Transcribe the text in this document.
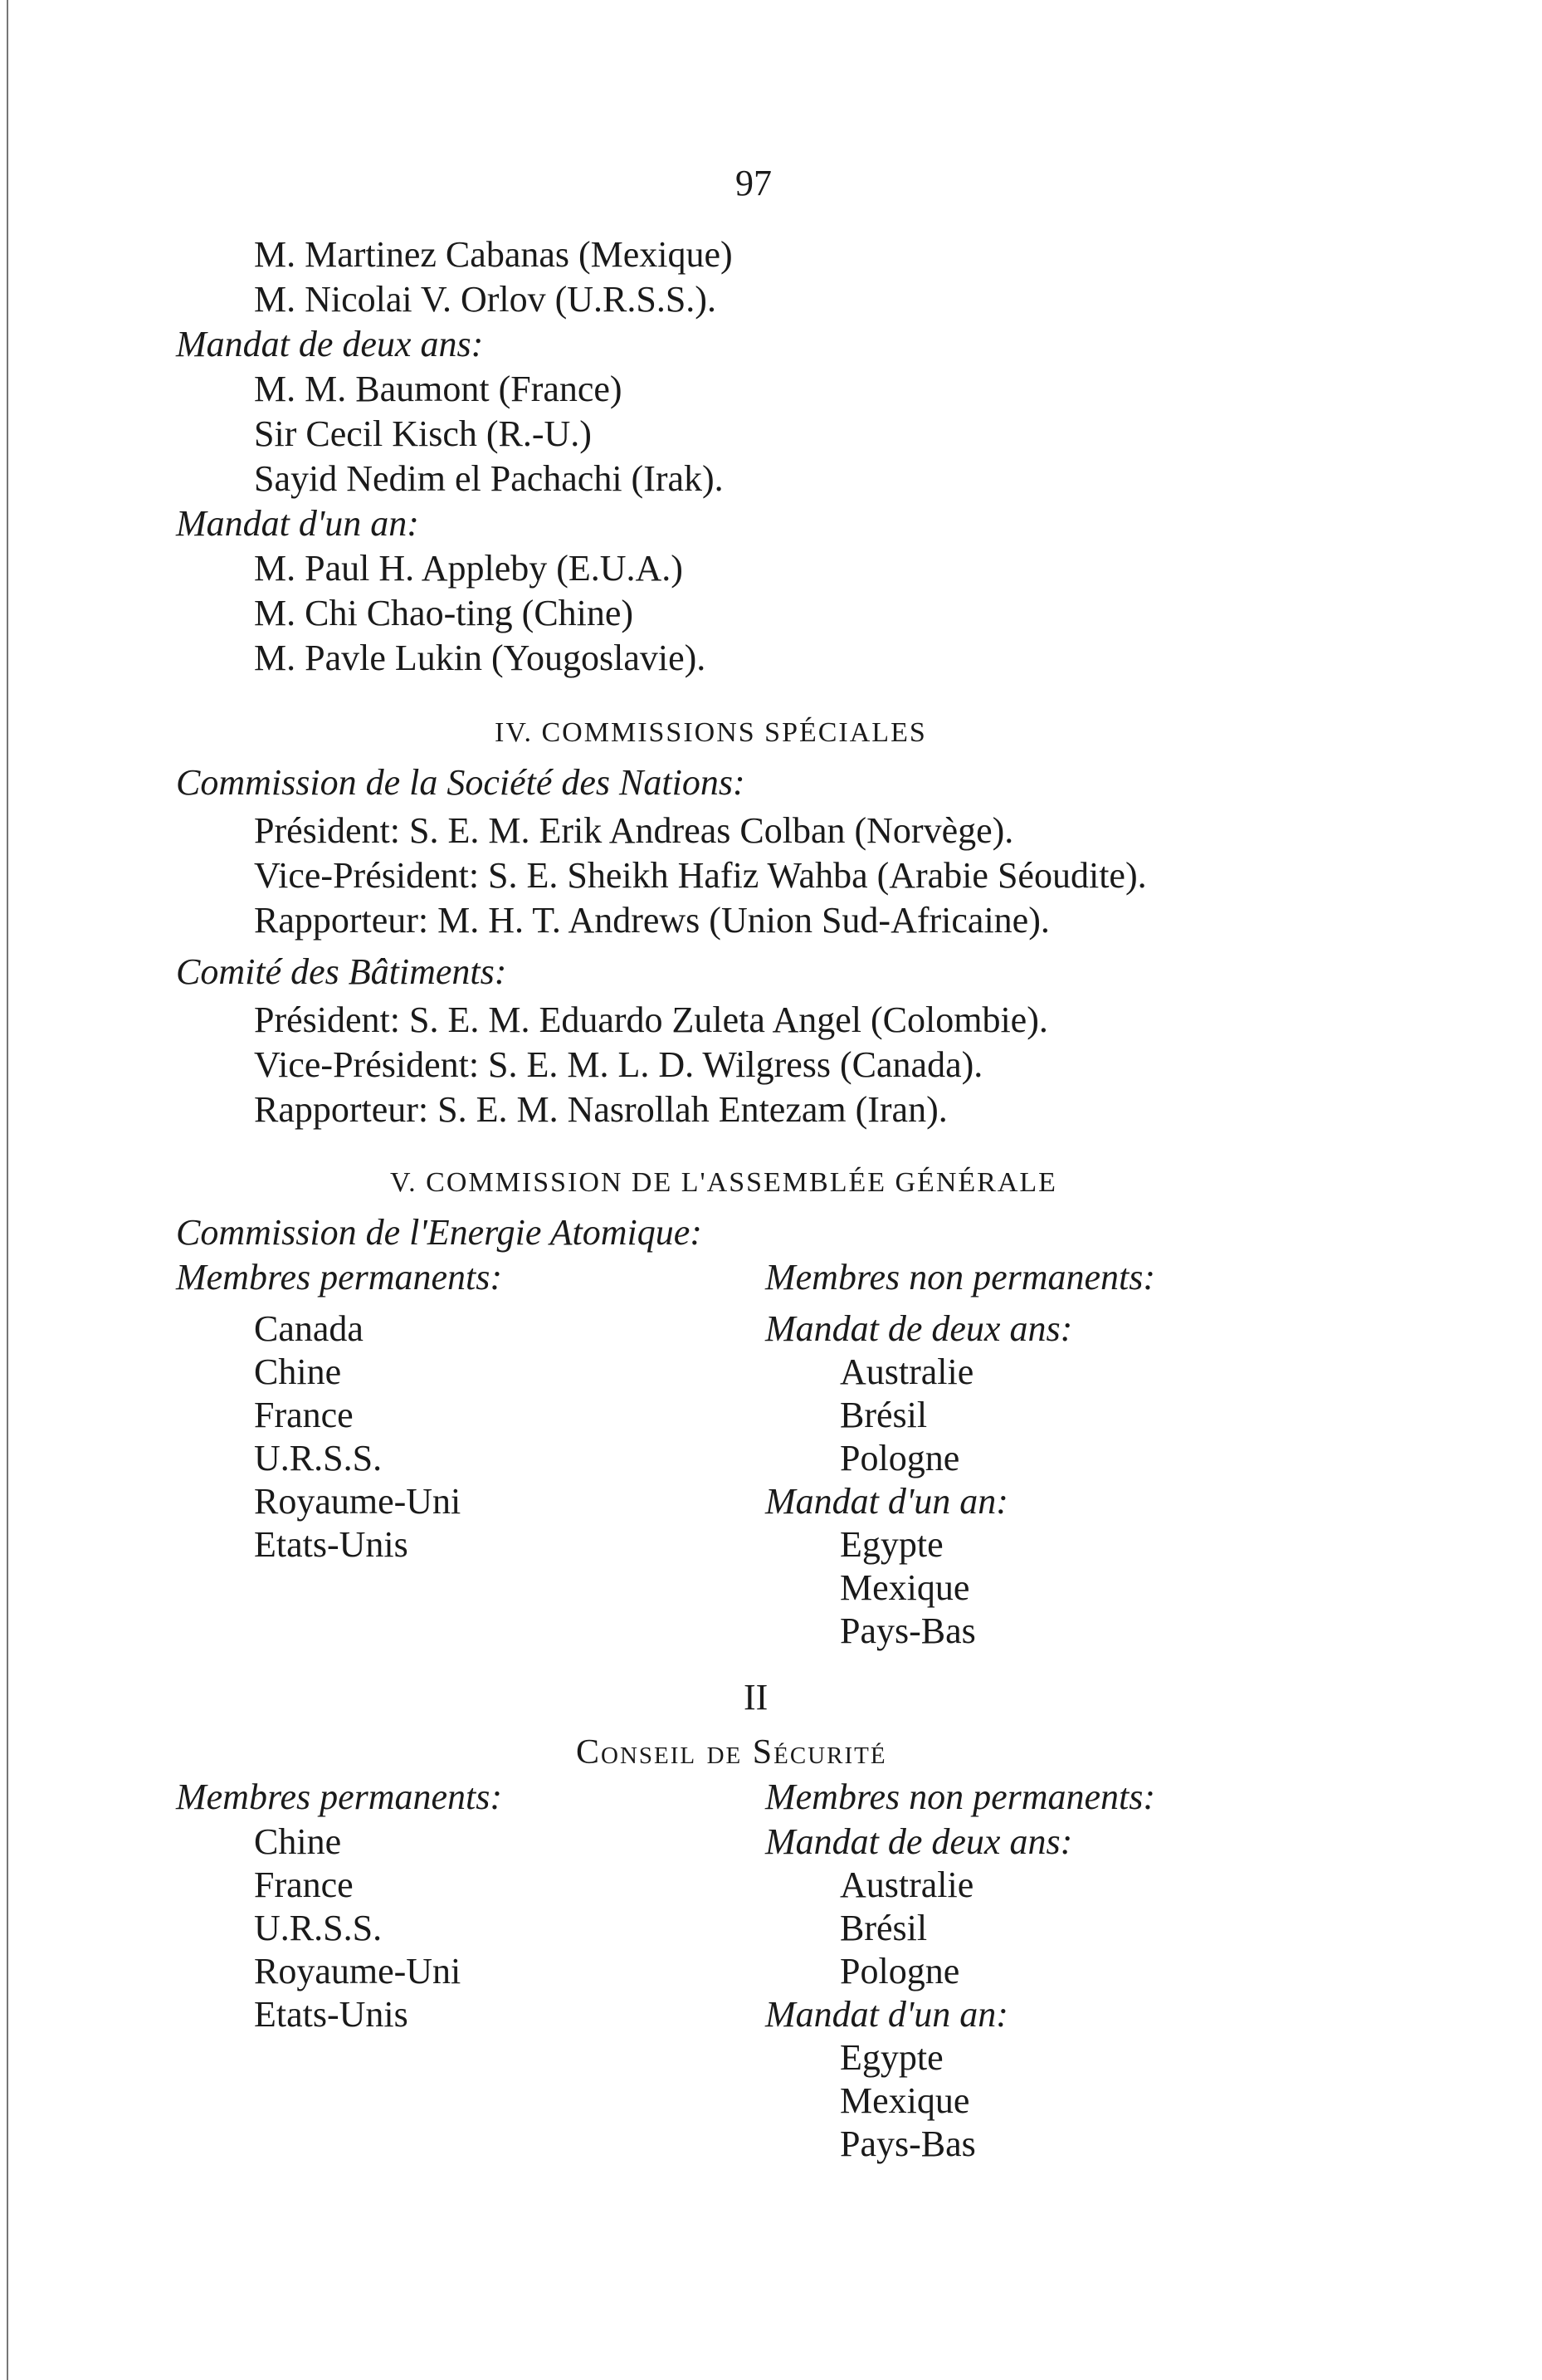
97
M. Martinez Cabanas (Mexique)
M. Nicolai V. Orlov (U.R.S.S.).
Mandat de deux ans:
M. M. Baumont (France)
Sir Cecil Kisch (R.-U.)
Sayid Nedim el Pachachi (Irak).
Mandat d'un an:
M. Paul H. Appleby (E.U.A.)
M. Chi Chao-ting (Chine)
M. Pavle Lukin (Yougoslavie).
IV. COMMISSIONS SPÉCIALES
Commission de la Société des Nations:
Président: S. E. M. Erik Andreas Colban (Norvège).
Vice-Président: S. E. Sheikh Hafiz Wahba (Arabie Séoudite).
Rapporteur: M. H. T. Andrews (Union Sud-Africaine).
Comité des Bâtiments:
Président: S. E. M. Eduardo Zuleta Angel (Colombie).
Vice-Président: S. E. M. L. D. Wilgress (Canada).
Rapporteur: S. E. M. Nasrollah Entezam (Iran).
V. COMMISSION DE L'ASSEMBLÉE GÉNÉRALE
Commission de l'Energie Atomique:
Membres permanents:	Membres non permanents:
Canada
Chine
France
U.R.S.S.
Royaume-Uni
Etats-Unis
Mandat de deux ans:
Australie
Brésil
Pologne
Mandat d'un an:
Egypte
Mexique
Pays-Bas
II
Conseil de Sécurité
Membres permanents:	Membres non permanents:
Chine
France
U.R.S.S.
Royaume-Uni
Etats-Unis
Mandat de deux ans:
Australie
Brésil
Pologne
Mandat d'un an:
Egypte
Mexique
Pays-Bas
